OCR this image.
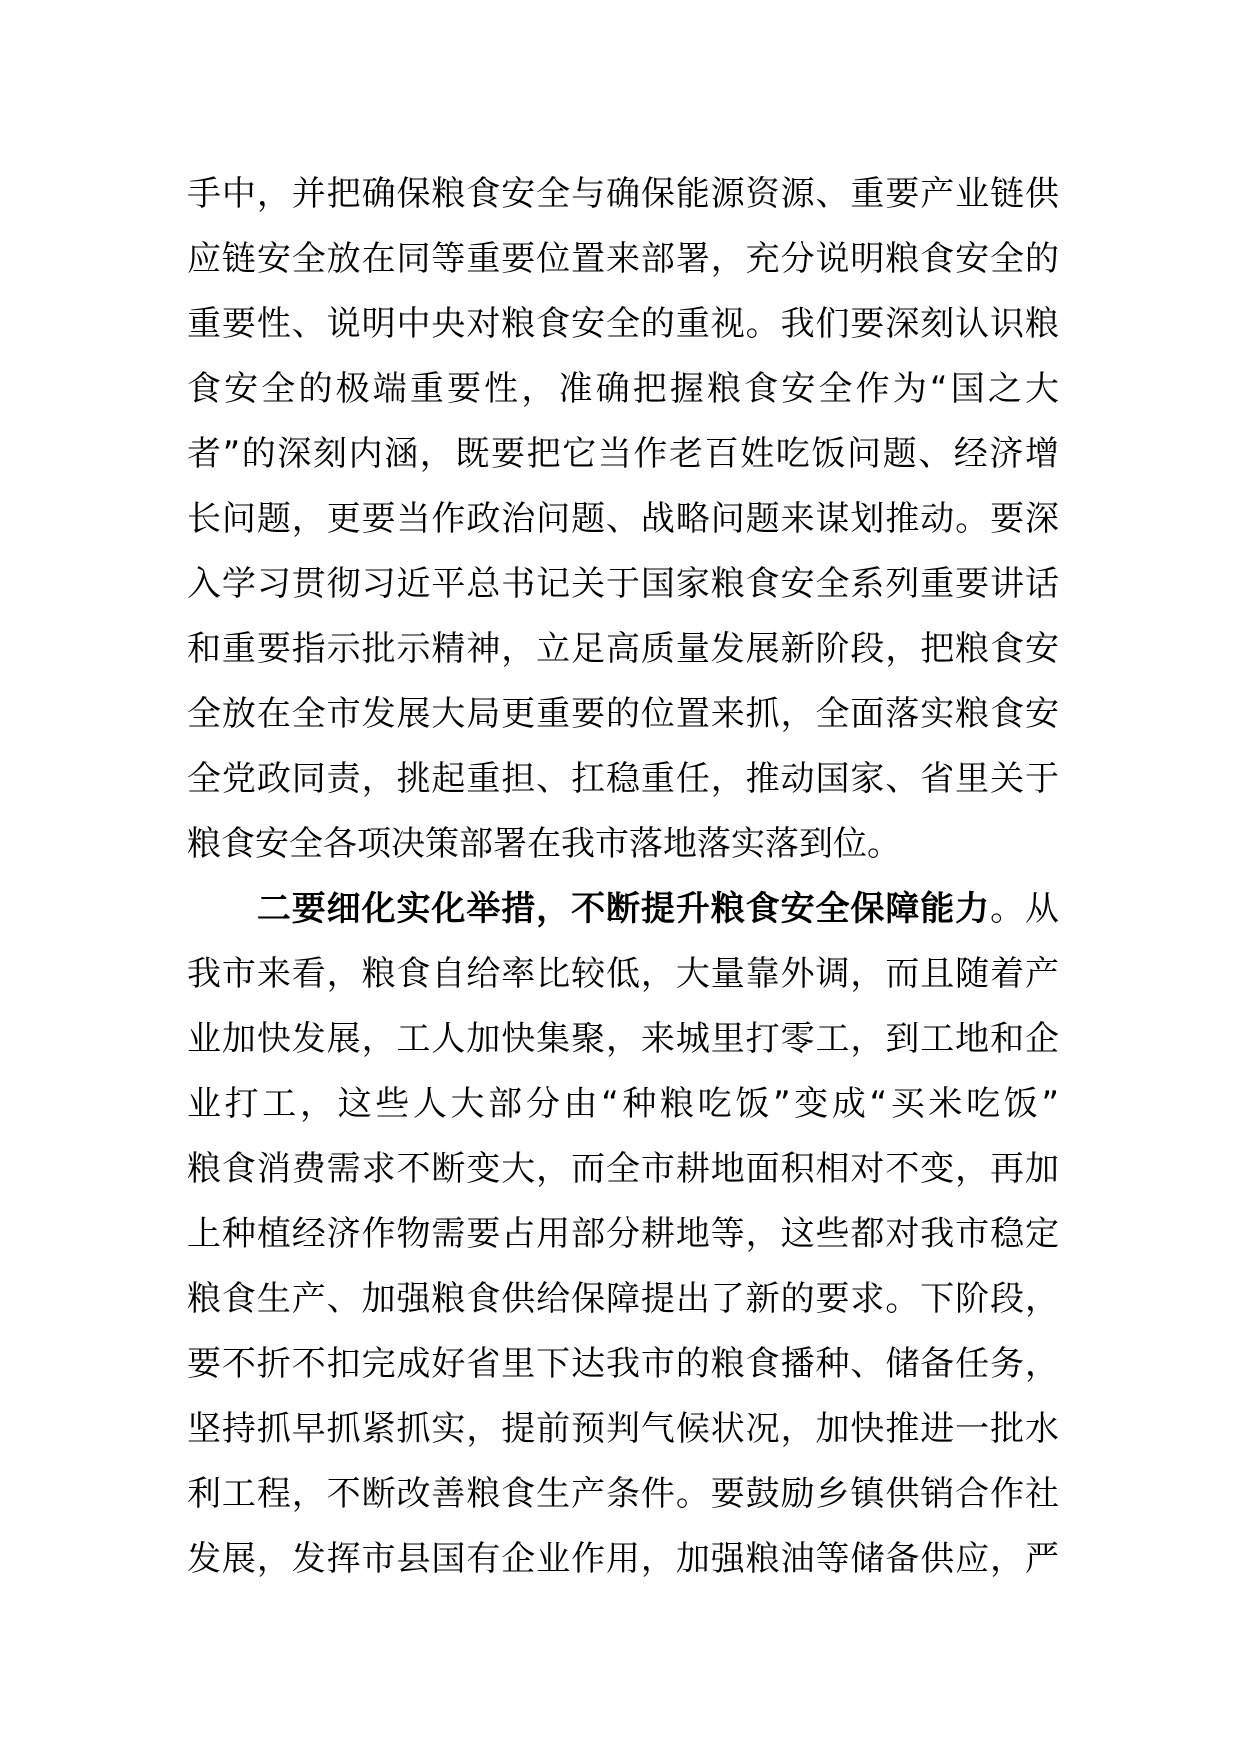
手中，并把确保粮食安全与确保能源资源、重要产业链供
应链安全放在同等重要位置来部署，充分说明粮食安全的
重要性、说明中央对粮食安全的重视。我们要深刻认识粮
食安全的极端重要性，准确把握粮食安全作为“国之大
者”的深刻内涵，既要把它当作老百姓吃饭问题、经济增
长问题，更要当作政治问题、战略问题来谋划推动。要深
入学习贯彻习近平总书记关于国家粮食安全系列重要讲话
和重要指示批示精神，立足高质量发展新阶段，把粮食安
全放在全市发展大局更重要的位置来抓，全面落实粮食安
全党政同责，挑起重担、扛稳重任，推动国家、省里关于
粮食安全各项决策部署在我市落地落实落到位。
　　二要细化实化举措，不断提升粮食安全保障能力。从
我市来看，粮食自给率比较低，大量靠外调，而且随着产
业加快发展，工人加快集聚，来城里打零工，到工地和企
业打工，这些人大部分由“种粮吃饭”变成“买米吃饭”
粮食消费需求不断变大，而全市耕地面积相对不变，再加
上种植经济作物需要占用部分耕地等，这些都对我市稳定
粮食生产、加强粮食供给保障提出了新的要求。下阶段，
要不折不扣完成好省里下达我市的粮食播种、储备任务，
坚持抓早抓紧抓实，提前预判气候状况，加快推进一批水
利工程，不断改善粮食生产条件。要鼓励乡镇供销合作社
发展，发挥市县国有企业作用，加强粮油等储备供应，严
